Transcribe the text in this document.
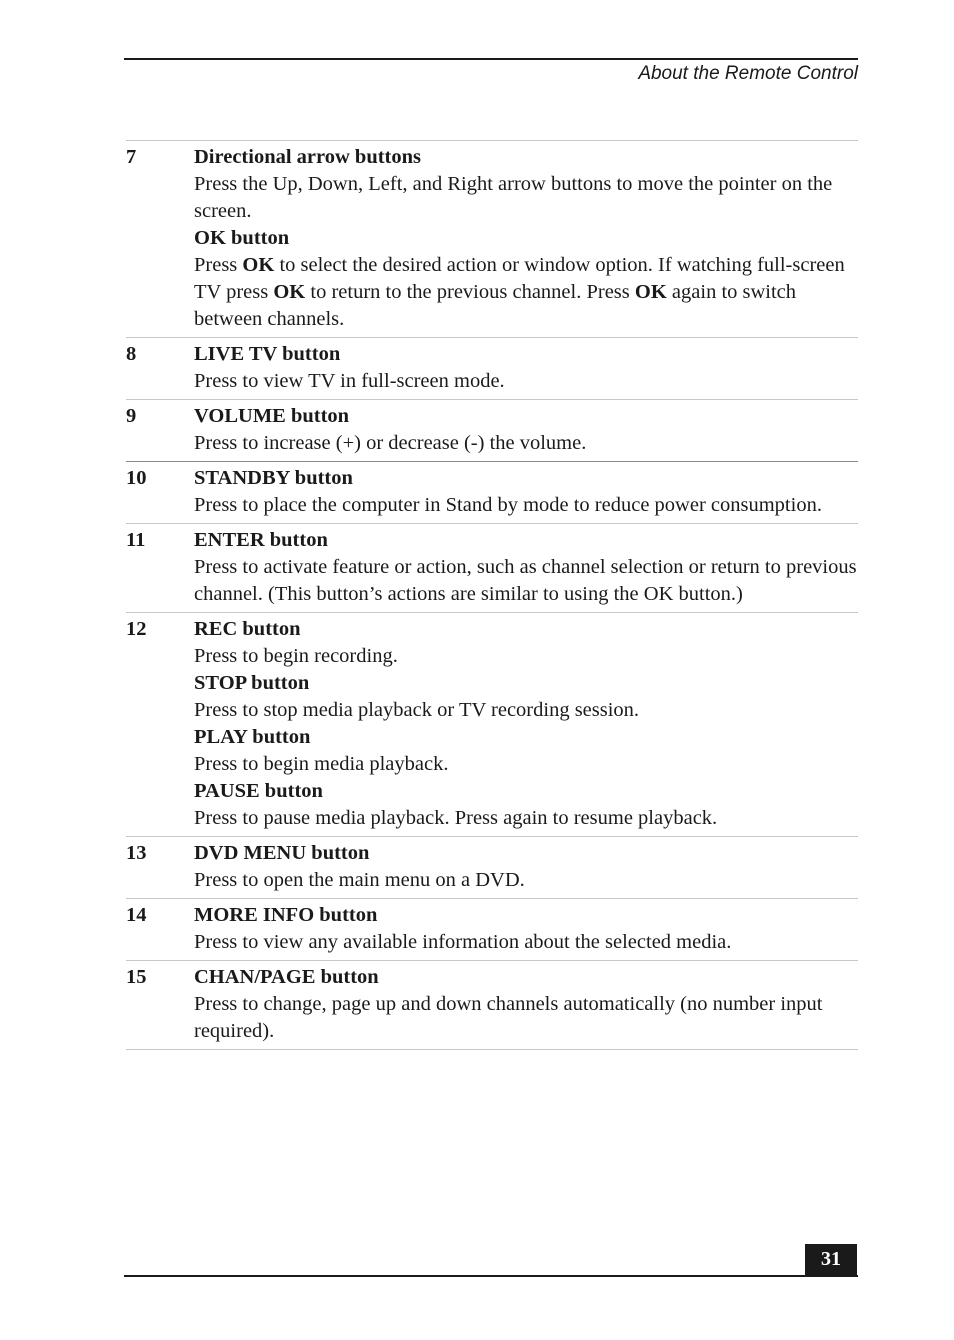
About the Remote Control
7	Directional arrow buttons
Press the Up, Down, Left, and Right arrow buttons to move the pointer on the screen.
OK button
Press OK to select the desired action or window option. If watching full-screen TV press OK to return to the previous channel. Press OK again to switch between channels.
8	LIVE TV button
Press to view TV in full-screen mode.
9	VOLUME button
Press to increase (+) or decrease (-) the volume.
10	STANDBY button
Press to place the computer in Stand by mode to reduce power consumption.
11	ENTER button
Press to activate feature or action, such as channel selection or return to previous channel. (This button’s actions are similar to using the OK button.)
12	REC button
Press to begin recording.
STOP button
Press to stop media playback or TV recording session.
PLAY button
Press to begin media playback.
PAUSE button
Press to pause media playback. Press again to resume playback.
13	DVD MENU button
Press to open the main menu on a DVD.
14	MORE INFO button
Press to view any available information about the selected media.
15	CHAN/PAGE button
Press to change, page up and down channels automatically (no number input required).
31
